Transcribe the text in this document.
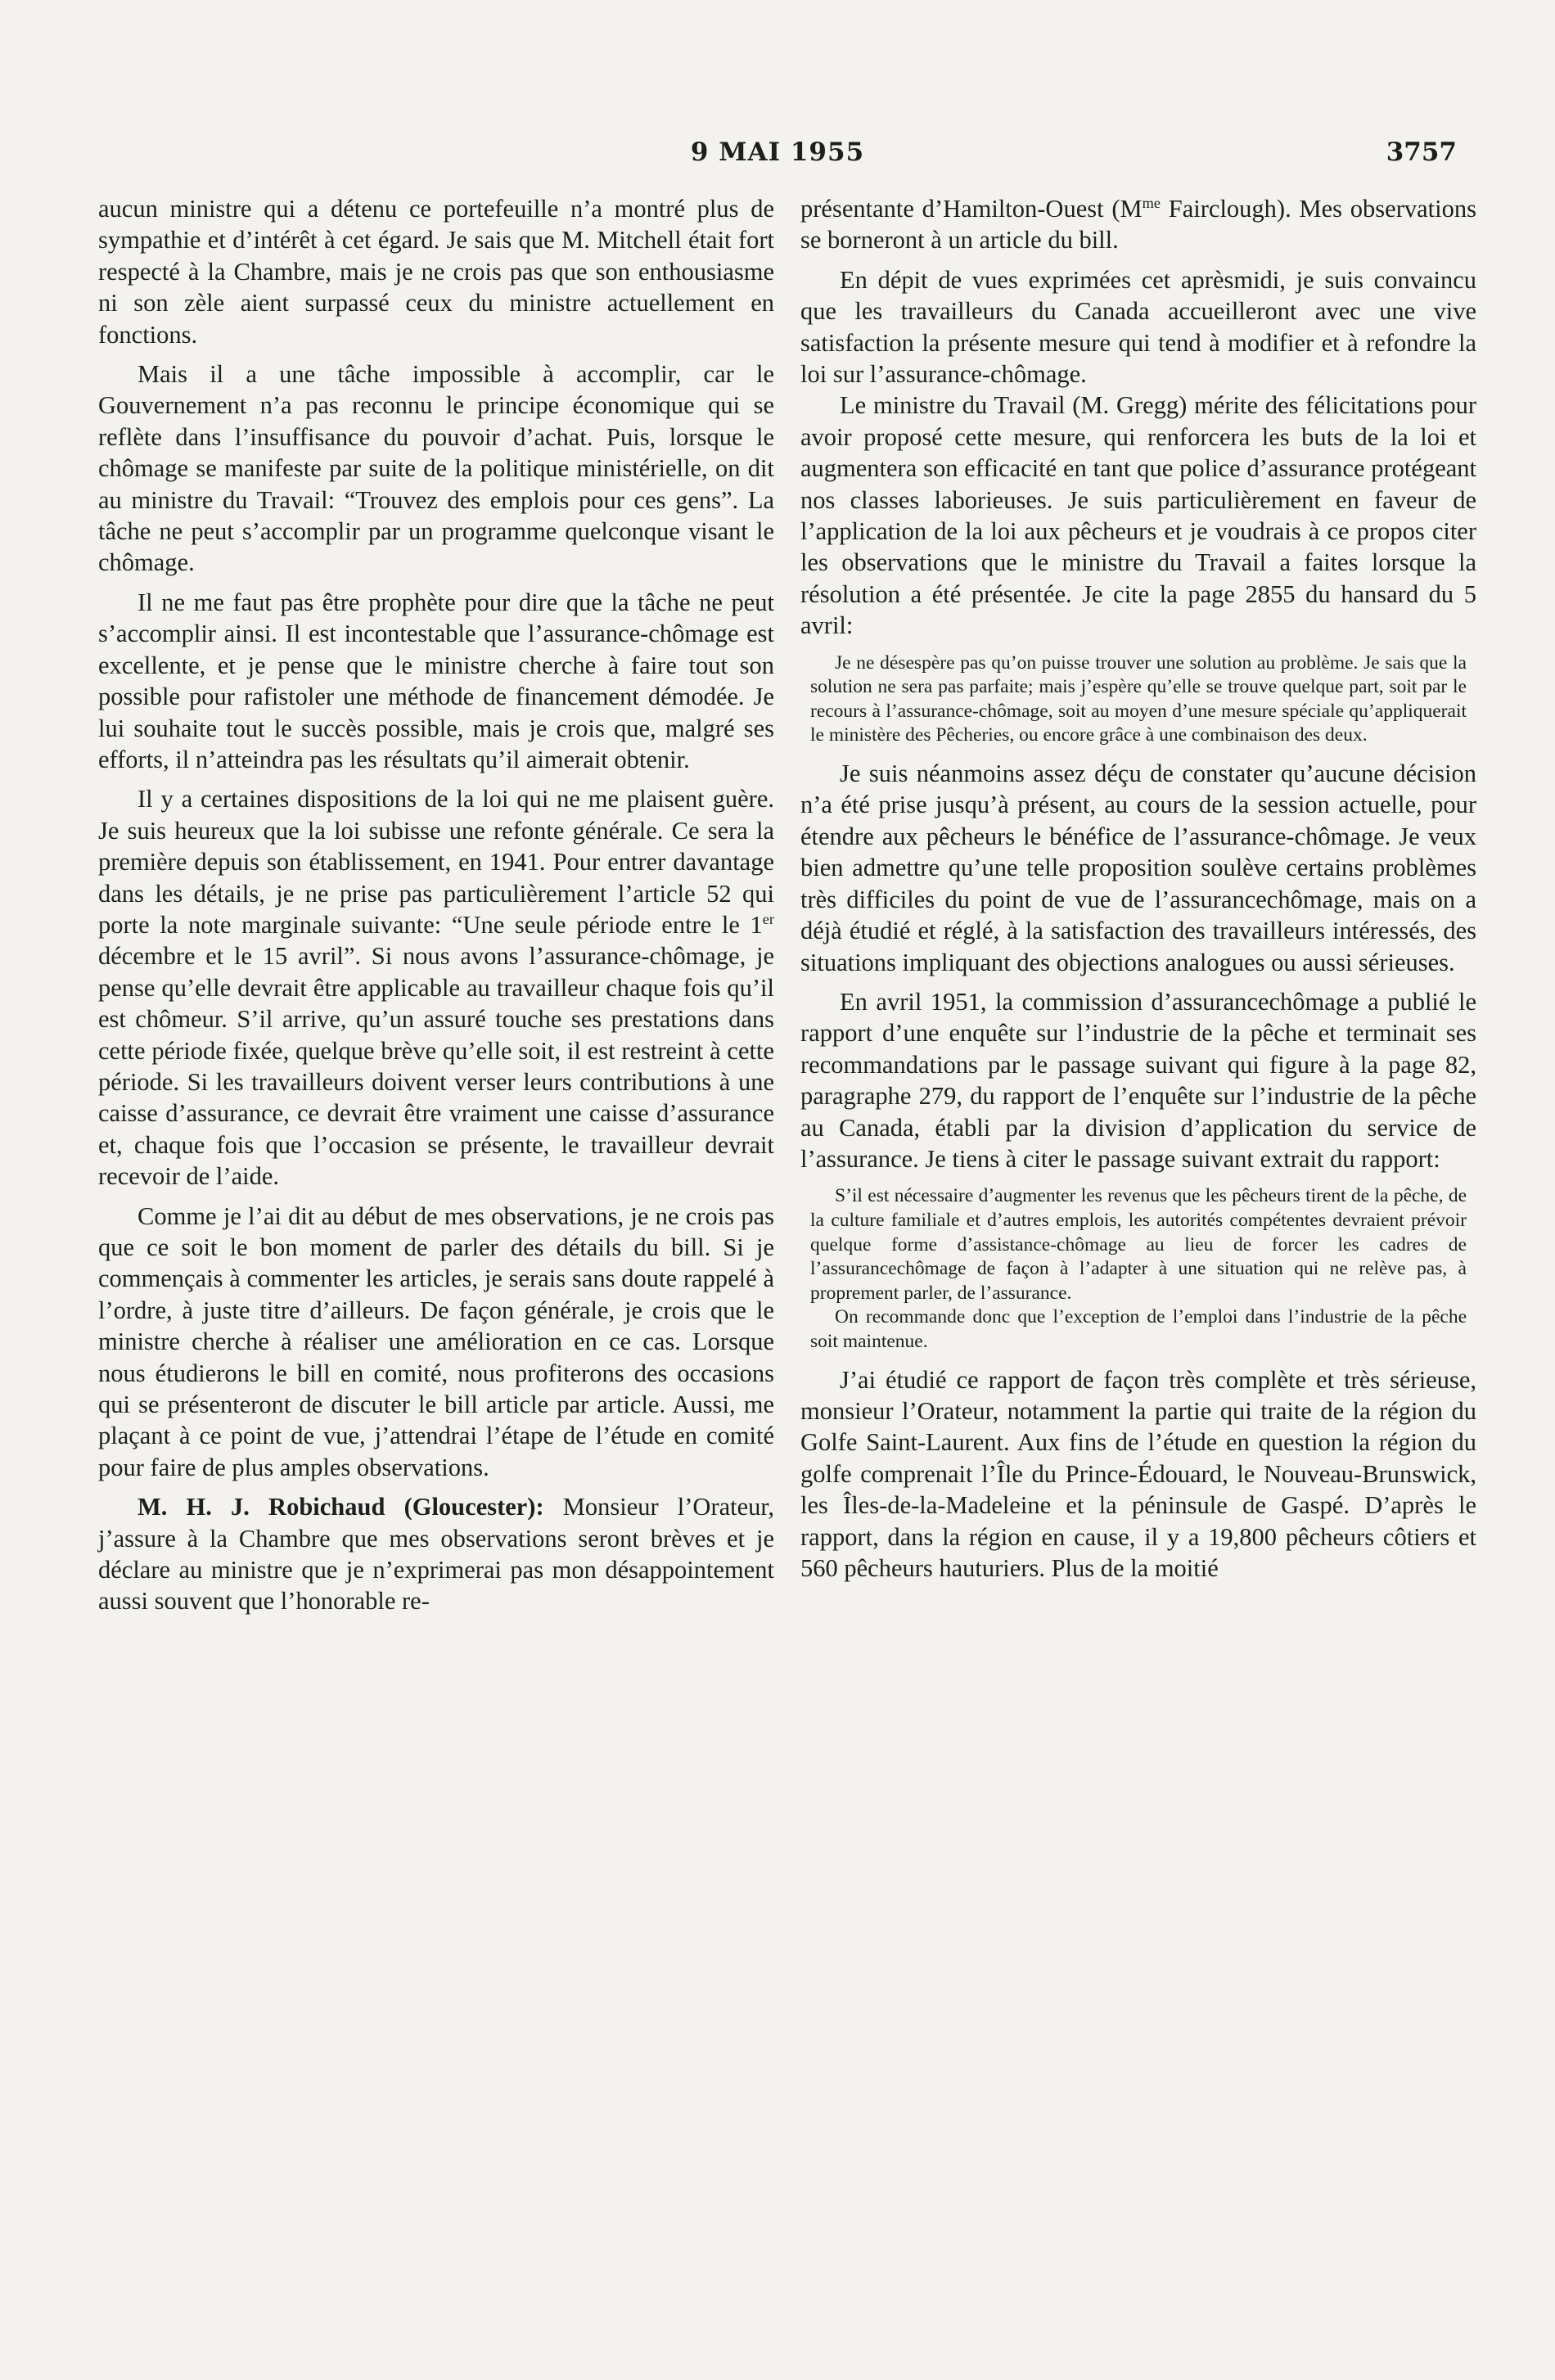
9 MAI 1955	3757

aucun ministre qui a détenu ce portefeuille n’a montré plus de sympathie et d’intérêt à cet égard. Je sais que M. Mitchell était fort respecté à la Chambre, mais je ne crois pas que son enthousiasme ni son zèle aient surpassé ceux du ministre actuellement en fonctions.

Mais il a une tâche impossible à accomplir, car le Gouvernement n’a pas reconnu le principe économique qui se reflète dans l’insuffisance du pouvoir d’achat. Puis, lorsque le chômage se manifeste par suite de la politique ministérielle, on dit au ministre du Travail: “Trouvez des emplois pour ces gens”. La tâche ne peut s’accomplir par un programme quelconque visant le chômage.

Il ne me faut pas être prophète pour dire que la tâche ne peut s’accomplir ainsi. Il est incontestable que l’assurance-chômage est excellente, et je pense que le ministre cherche à faire tout son possible pour rafistoler une méthode de financement démodée. Je lui souhaite tout le succès possible, mais je crois que, malgré ses efforts, il n’atteindra pas les résultats qu’il aimerait obtenir.

Il y a certaines dispositions de la loi qui ne me plaisent guère. Je suis heureux que la loi subisse une refonte générale. Ce sera la première depuis son établissement, en 1941. Pour entrer davantage dans les détails, je ne prise pas particulièrement l’article 52 qui porte la note marginale suivante: “Une seule période entre le 1er décembre et le 15 avril”. Si nous avons l’assurance-chômage, je pense qu’elle devrait être applicable au travailleur chaque fois qu’il est chômeur. S’il arrive, qu’un assuré touche ses prestations dans cette période fixée, quelque brève qu’elle soit, il est restreint à cette période. Si les travailleurs doivent verser leurs contributions à une caisse d’assurance, ce devrait être vraiment une caisse d’assurance et, chaque fois que l’occasion se présente, le travailleur devrait recevoir de l’aide.

Comme je l’ai dit au début de mes observations, je ne crois pas que ce soit le bon moment de parler des détails du bill. Si je commençais à commenter les articles, je serais sans doute rappelé à l’ordre, à juste titre d’ailleurs. De façon générale, je crois que le ministre cherche à réaliser une amélioration en ce cas. Lorsque nous étudierons le bill en comité, nous profiterons des occasions qui se présenteront de discuter le bill article par article. Aussi, me plaçant à ce point de vue, j’attendrai l’étape de l’étude en comité pour faire de plus amples observations.

M. H. J. Robichaud (Gloucester): Monsieur l’Orateur, j’assure à la Chambre que mes observations seront brèves et je déclare au ministre que je n’exprimerai pas mon désappointement aussi souvent que l’honorable re-

présentante d’Hamilton-Ouest ($M^{me}$ Fairclough). Mes observations se borneront à un article du bill.

En dépit de vues exprimées cet aprèsmidi, je suis convaincu que les travailleurs du Canada accueilleront avec une vive satisfaction la présente mesure qui tend à modifier et à refondre la loi sur l’assurance-chômage.

Le ministre du Travail (M. Gregg) mérite des félicitations pour avoir proposé cette mesure, qui renforcera les buts de la loi et augmentera son efficacité en tant que police d’assurance protégeant nos classes laborieuses. Je suis particulièrement en faveur de l’application de la loi aux pêcheurs et je voudrais à ce propos citer les observations que le ministre du Travail a faites lorsque la résolution a été présentée. Je cite la page 2855 du hansard du 5 avril:

Je ne désespère pas qu’on puisse trouver une solution au problème. Je sais que la solution ne sera pas parfaite; mais j’espère qu’elle se trouve quelque part, soit par le recours à l’assurance-chômage, soit au moyen d’une mesure spéciale qu’appliquerait le ministère des Pêcheries, ou encore grâce à une combinaison des deux.

Je suis néanmoins assez déçu de constater qu’aucune décision n’a été prise jusqu’à présent, au cours de la session actuelle, pour étendre aux pêcheurs le bénéfice de l’assurance-chômage. Je veux bien admettre qu’une telle proposition soulève certains problèmes très difficiles du point de vue de l’assurancechômage, mais on a déjà étudié et réglé, à la satisfaction des travailleurs intéressés, des situations impliquant des objections analogues ou aussi sérieuses.

En avril 1951, la commission d’assurancechômage a publié le rapport d’une enquête sur l’industrie de la pêche et terminait ses recommandations par le passage suivant qui figure à la page 82, paragraphe 279, du rapport de l’enquête sur l’industrie de la pêche au Canada, établi par la division d’application du service de l’assurance. Je tiens à citer le passage suivant extrait du rapport:

S’il est nécessaire d’augmenter les revenus que les pêcheurs tirent de la pêche, de la culture familiale et d’autres emplois, les autorités compétentes devraient prévoir quelque forme d’assistance-chômage au lieu de forcer les cadres de l’assurancechômage de façon à l’adapter à une situation qui ne relève pas, à proprement parler, de l’assurance.

On recommande donc que l’exception de l’emploi dans l’industrie de la pêche soit maintenue.

J’ai étudié ce rapport de façon très complète et très sérieuse, monsieur l’Orateur, notamment la partie qui traite de la région du Golfe Saint-Laurent. Aux fins de l’étude en question la région du golfe comprenait l’Île du Prince-Édouard, le Nouveau-Brunswick, les Îles-de-la-Madeleine et la péninsule de Gaspé. D’après le rapport, dans la région en cause, il y a 19,800 pêcheurs côtiers et 560 pêcheurs hauturiers. Plus de la moitié
